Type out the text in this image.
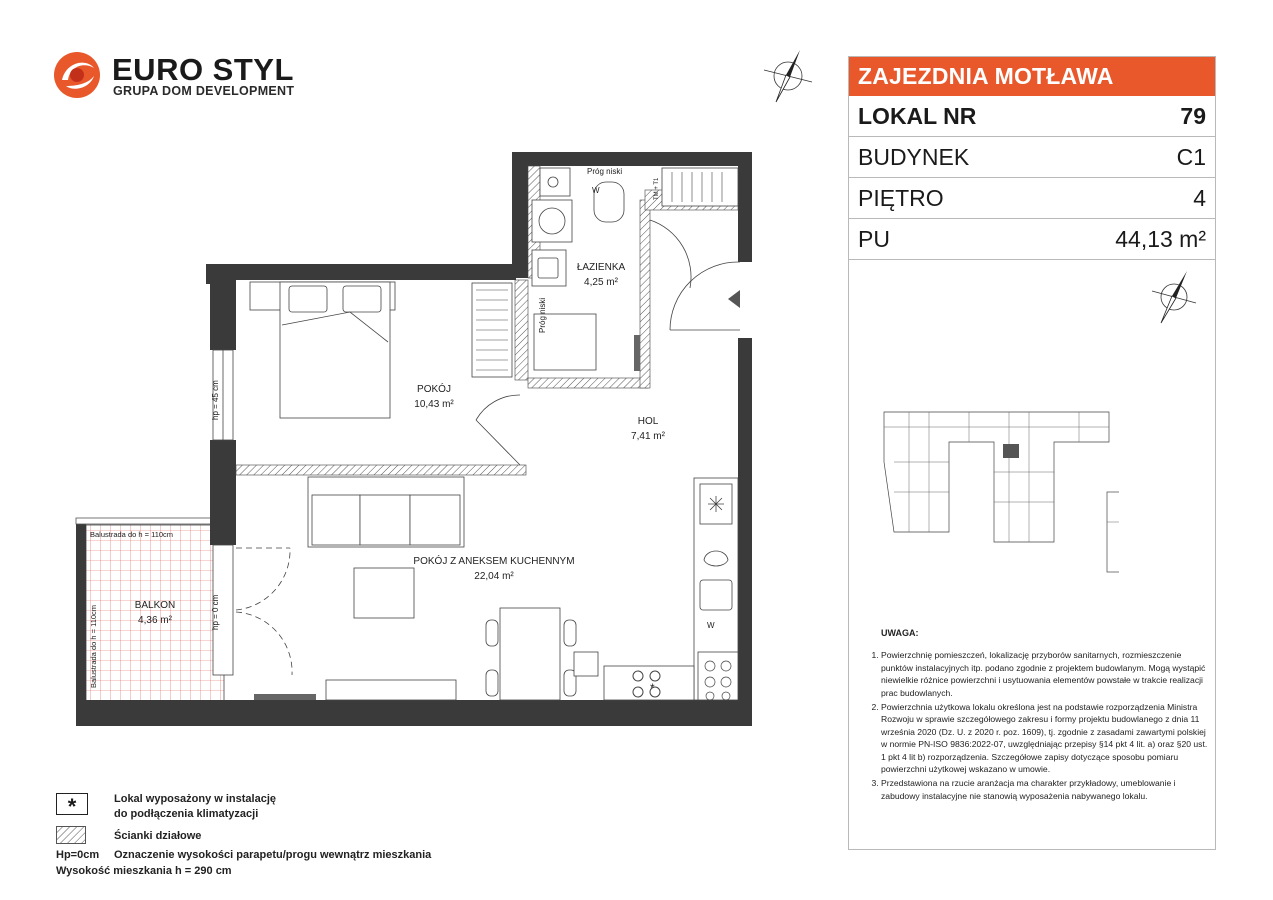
EURO STYL
GRUPA DOM DEVELOPMENT
POKÓJ
10,43 m²
ŁAZIENKA
4,25 m²
HOL
7,41 m²
POKÓJ Z ANEKSEM KUCHENNYM
22,04 m²
BALKON
4,36 m²
Próg niski
W	TM + T1
Próg niski
hp = 45 cm
hp = 0 cm
Balustrada do h = 110cm
Balustrada do h = 110cm	W
*
*	Lokal wyposażony w instalację
do podłączenia klimatyzacji
Ścianki działowe
Hp=0cm Oznaczenie wysokości parapetu/progu wewnątrz mieszkania
Wysokość mieszkania h = 290 cm
ZAJEZDNIA MOTŁAWA
LOKAL NR	79
BUDYNEK	C1
PIĘTRO	4
PU	44,13 m²
UWAGA:
1. Powierzchnię pomieszczeń, lokalizację przyborów sanitarnych, rozmieszczenie punktów instalacyjnych itp. podano zgodnie z projektem budowlanym. Mogą wystąpić niewielkie różnice powierzchni i usytuowania elementów powstałe w trakcie realizacji prac budowlanych.
2. Powierzchnia użytkowa lokalu określona jest na podstawie rozporządzenia Ministra Rozwoju w sprawie szczegółowego zakresu i formy projektu budowlanego z dnia 11 września 2020 (Dz. U. z 2020 r. poz. 1609), tj. zgodnie z zasadami zawartymi polskiej w normie PN-ISO 9836:2022-07, uwzględniając przepisy §14 pkt 4 lit. a) oraz §20 ust. 1 pkt 4 lit b) rozporządzenia. Szczegółowe zapisy dotyczące sposobu pomiaru powierzchni użytkowej wskazano w umowie.
3. Przedstawiona na rzucie aranżacja ma charakter przykładowy, umeblowanie i zabudowy instalacyjne nie stanowią wyposażenia nabywanego lokalu.
